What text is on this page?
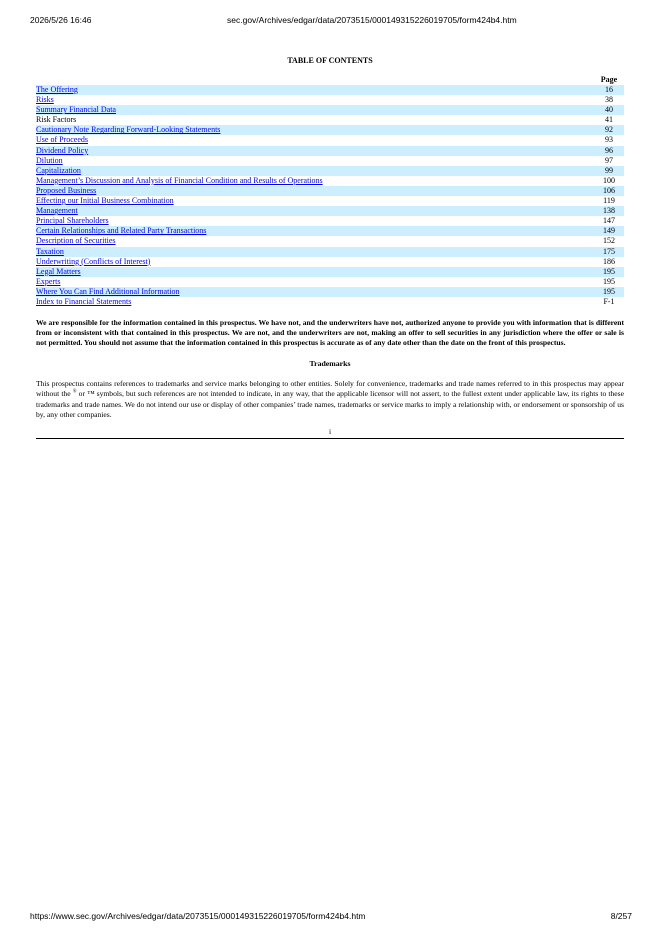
2026/5/26 16:46	sec.gov/Archives/edgar/data/2073515/000149315226019705/form424b4.htm

TABLE OF CONTENTS

Page
The Offering	16
Risks	38
Summary Financial Data	40
Risk Factors	41
Cautionary Note Regarding Forward-Looking Statements	92
Use of Proceeds	93
Dividend Policy	96
Dilution	97
Capitalization	99
Management’s Discussion and Analysis of Financial Condition and Results of Operations	100
Proposed Business	106
Effecting our Initial Business Combination	119
Management	138
Principal Shareholders	147
Certain Relationships and Related Party Transactions	149
Description of Securities	152
Taxation	175
Underwriting (Conflicts of Interest)	186
Legal Matters	195
Experts	195
Where You Can Find Additional Information	195
Index to Financial Statements	F-1

We are responsible for the information contained in this prospectus. We have not, and the underwriters have not, authorized anyone to provide you with information that is different from or inconsistent with that contained in this prospectus. We are not, and the underwriters are not, making an offer to sell securities in any jurisdiction where the offer or sale is not permitted. You should not assume that the information contained in this prospectus is accurate as of any date other than the date on the front of this prospectus.

Trademarks

This prospectus contains references to trademarks and service marks belonging to other entities. Solely for convenience, trademarks and trade names referred to in this prospectus may appear without the ® or ™ symbols, but such references are not intended to indicate, in any way, that the applicable licensor will not assert, to the fullest extent under applicable law, its rights to these trademarks and trade names. We do not intend our use or display of other companies’ trade names, trademarks or service marks to imply a relationship with, or endorsement or sponsorship of us by, any other companies.

i
https://www.sec.gov/Archives/edgar/data/2073515/000149315226019705/form424b4.htm	8/257
